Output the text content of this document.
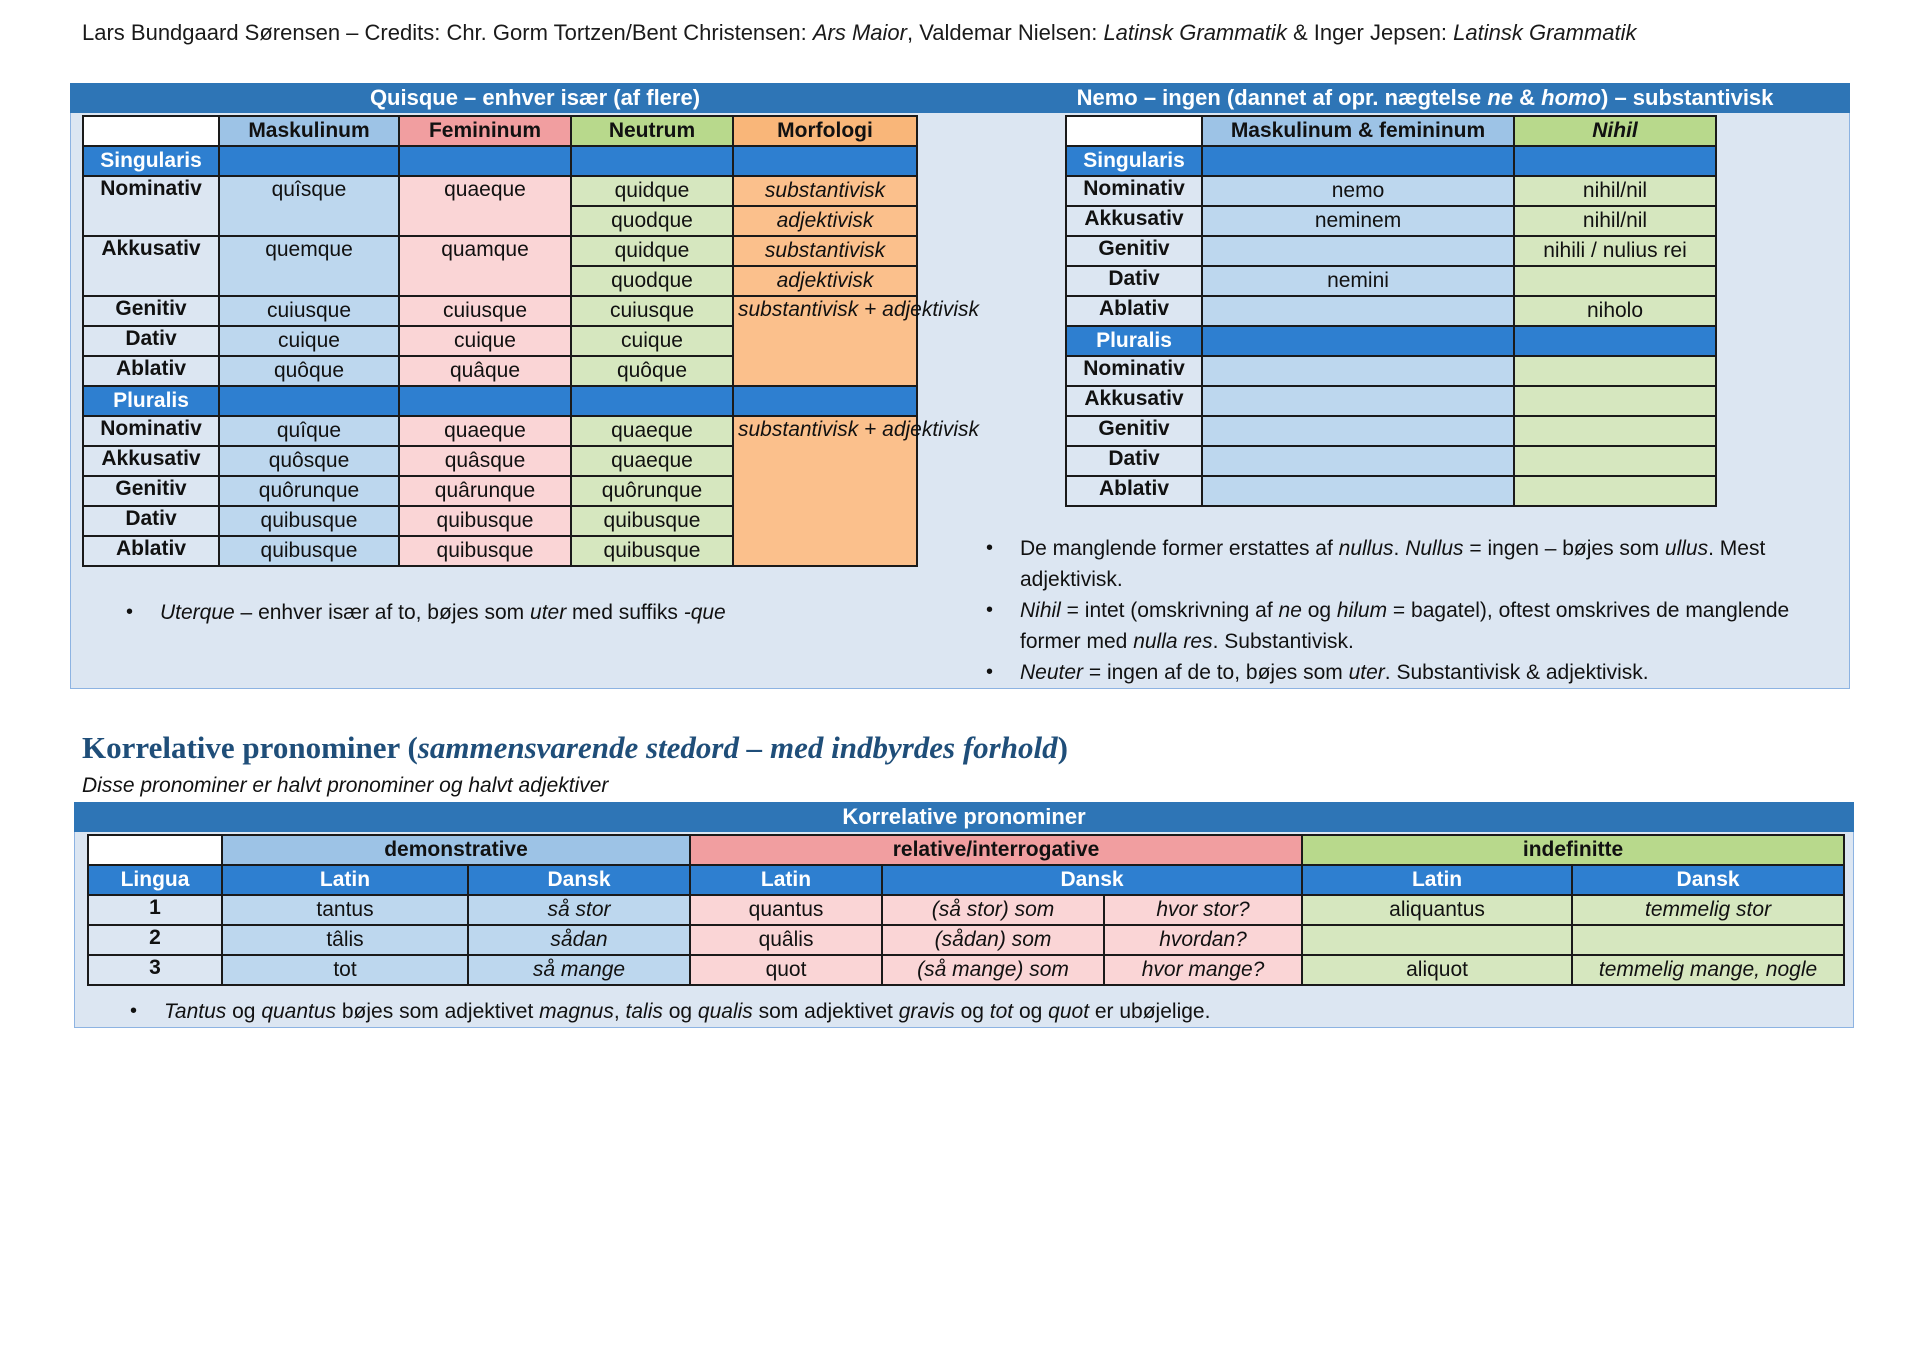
Lars Bundgaard Sørensen – Credits: Chr. Gorm Tortzen/Bent Christensen: Ars Maior, Valdemar Nielsen: Latinsk Grammatik & Inger Jepsen: Latinsk Grammatik
Quisque – enhver især (af flere)	Nemo – ingen (dannet af opr. nægtelse ne & homo) – substantivisk
	Maskulinum	Femininum	Neutrum	Morfologi
Singularis				
Nominativ	quîsque	quaeque	quidque	substantivisk
			quodque	adjektivisk
Akkusativ	quemque	quamque	quidque	substantivisk
			quodque	adjektivisk
Genitiv	cuiusque	cuiusque	cuiusque	substantivisk + adjektivisk
Dativ	cuique	cuique	cuique	
Ablativ	quôque	quâque	quôque	
Pluralis				
Nominativ	quîque	quaeque	quaeque	substantivisk + adjektivisk
Akkusativ	quôsque	quâsque	quaeque	
Genitiv	quôrunque	quârunque	quôrunque	
Dativ	quibusque	quibusque	quibusque	
Ablativ	quibusque	quibusque	quibusque	
• Uterque – enhver især af to, bøjes som uter med suffiks -que
	Maskulinum & femininum	Nihil
Singularis		
Nominativ	nemo	nihil/nil
Akkusativ	neminem	nihil/nil
Genitiv		nihili / nulius rei
Dativ	nemini	
Ablativ		niholo
Pluralis		
Nominativ		
Akkusativ		
Genitiv		
Dativ		
Ablativ		
• De manglende former erstattes af nullus. Nullus = ingen – bøjes som ullus. Mest adjektivisk.
• Nihil = intet (omskrivning af ne og hilum = bagatel), oftest omskrives de manglende former med nulla res. Substantivisk.
• Neuter = ingen af de to, bøjes som uter. Substantivisk & adjektivisk.
Korrelative pronominer (sammensvarende stedord – med indbyrdes forhold)
Disse pronominer er halvt pronominer og halvt adjektiver
Korrelative pronominer
	demonstrative		relative/interrogative			indefinitte	
Lingua	Latin	Dansk	Latin	Dansk		Latin	Dansk
1	tantus	så stor	quantus	(så stor) som	hvor stor?	aliquantus	temmelig stor
2	tâlis	sådan	quâlis	(sådan) som	hvordan?		
3	tot	så mange	quot	(så mange) som	hvor mange?	aliquot	temmelig mange, nogle
• Tantus og quantus bøjes som adjektivet magnus, talis og qualis som adjektivet gravis og tot og quot er ubøjelige.
